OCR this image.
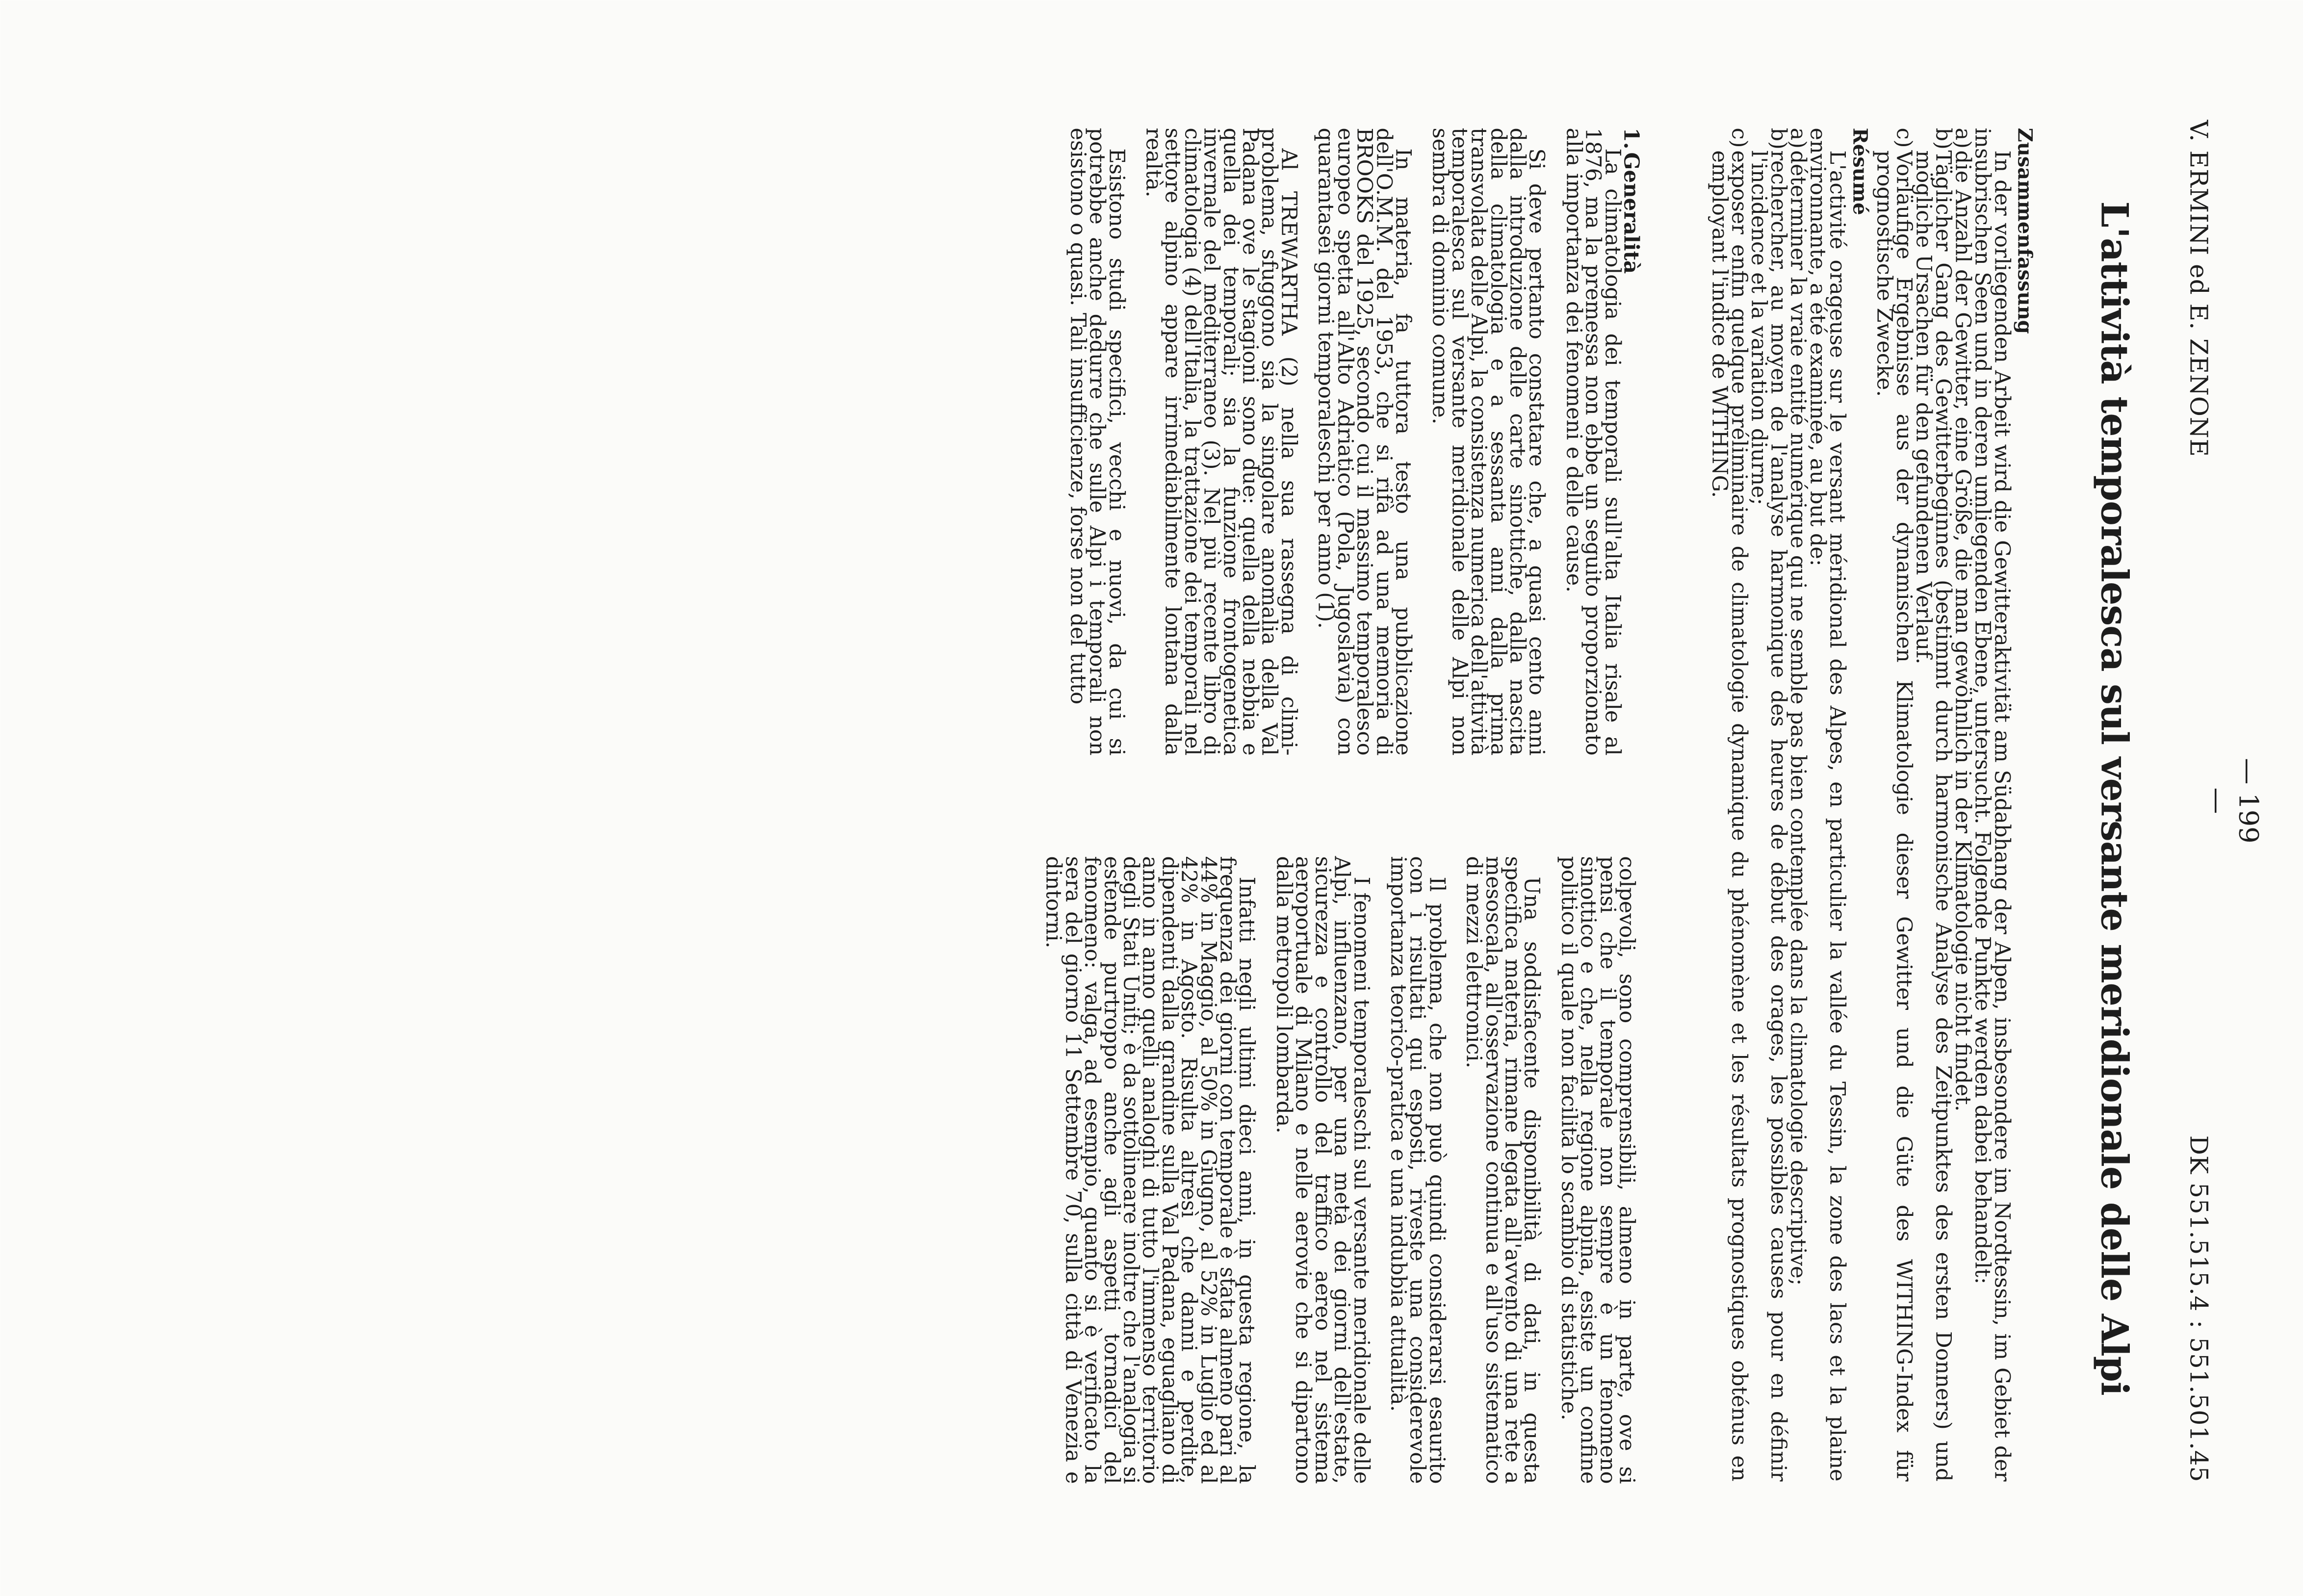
— 199 —
V. ERMINI ed E. ZENONE
DK 551.515.4 : 551.501.45
L'attività temporalesca sul versante meridionale delle Alpi
Zusammenfassung

In der vorliegenden Arbeit wird die Gewitteraktivität am Südabhang der Alpen, insbesondere im Nordtessin, im Gebiet der insubrischen Seen und in deren umliegenden Ebene, untersucht. Folgende Punkte werden dabei behandelt:

a)
die Anzahl der Gewitter, eine Größe, die man gewöhnlich in der Klimatologie nicht findet.
b)
Täglicher Gang des Gewitterbeginnes (bestimmt durch harmonische Analyse des Zeitpunktes des ersten Donners) und mögliche Ursachen für den gefundenen Verlauf.
c)
Vorläufige Ergebnisse aus der dynamischen Klimatologie dieser Gewitter und die Güte des WITHING-Index für prognostische Zwecke.
Résumé

L'activité orageuse sur le versant méridional des Alpes, en particulier la vallée du Tessin, la zone des lacs et la plaine environnante, a été examinée, au but de:

a)
déterminer la vraie entité numérique qui ne semble pas bien contemplée dans la climatologie descriptive;
b)
rechercher, au moyen de l'analyse harmonique des heures de début des orages, les possibles causes pour en définir l'incidence et la variation diurne;
c)
exposer enfin quelque préliminaire de climatologie dynamique du phénomène et les résultats prognostiques obténus en employant l'indice de WITHING.
1.Generalità

La climatologia dei temporali sull'alta Italia risale al 1876, ma la premessa non ebbe un seguito proporzionato alla importanza dei fenomeni e delle cause.

Si deve pertanto constatare che, a quasi cento anni dalla introduzione delle carte sinottiche, dalla nascita della climatologia e a sessanta anni dalla prima transvolata delle Alpi, la consistenza numerica dell'attività temporalesca sul versante meridionale delle Alpi non sembra di dominio comune.

In materia, fa tuttora testo una pubblicazione dell'O.M.M. del 1953, che si rifà ad una memoria di BROOKS del 1925, secondo cui il massimo temporalesco europeo spetta all'Alto Adriatico (Pola, Jugoslavia) con quarantasei giorni temporaleschi per anno (1).

Al TREWARTHA (2) nella sua rassegna di climi-problema, sfuggono sia la singolare anomalia della Val Padana ove le stagioni sono due: quella della nebbia e quella dei temporali; sia la funzione frontogenetica invernale del mediterraneo (3). Nel più recente libro di climatologia (4) dell'Italia, la trattazione dei temporali nel settore alpino appare irrimediabilmente lontana dalla realtà.

Esistono studi specifici, vecchi e nuovi, da cui si potrebbe anche dedurre che sulle Alpi i temporali non esistono o quasi. Tali insufficienze, forse non del tutto

colpevoli, sono comprensibili, almeno in parte, ove si pensi che il temporale non sempre è un fenomeno sinottico e che, nella regione alpina, esiste un confine politico il quale non facilita lo scambio di statistiche.

Una soddisfacente disponibilità di dati, in questa specifica materia, rimane legata all'avvento di una rete a mesoscala, all'osservazione continua e all'uso sistematico di mezzi elettronici.

Il problema, che non può quindi considerarsi esaurito con i risultati qui esposti, riveste una considerevole importanza teorico-pratica e una indubbia attualità.

I fenomeni temporaleschi sul versante meridionale delle Alpi, influenzano, per una metà dei giorni dell'estate, sicurezza e controllo del traffico aereo nel sistema aeroportuale di Milano e nelle aerovie che si dipartono dalla metropoli lombarda.

Infatti negli ultimi dieci anni, in questa regione, la frequenza dei giorni con temporale è stata almeno pari al 44% in Maggio, al 50% in Giugno, al 52% in Luglio ed al 42% in Agosto. Risulta altresì che danni e perdite, dipendenti dalla grandine sulla Val Padana, eguagliano di anno in anno quelli analoghi di tutto l'immenso territorio degli Stati Uniti; è da sottolineare inoltre che l'analogia si estende purtroppo anche agli aspetti tornadici del fenomeno: valga, ad esempio, quanto si è verificato la sera del giorno 11 Settembre 70, sulla città di Venezia e dintorni.
